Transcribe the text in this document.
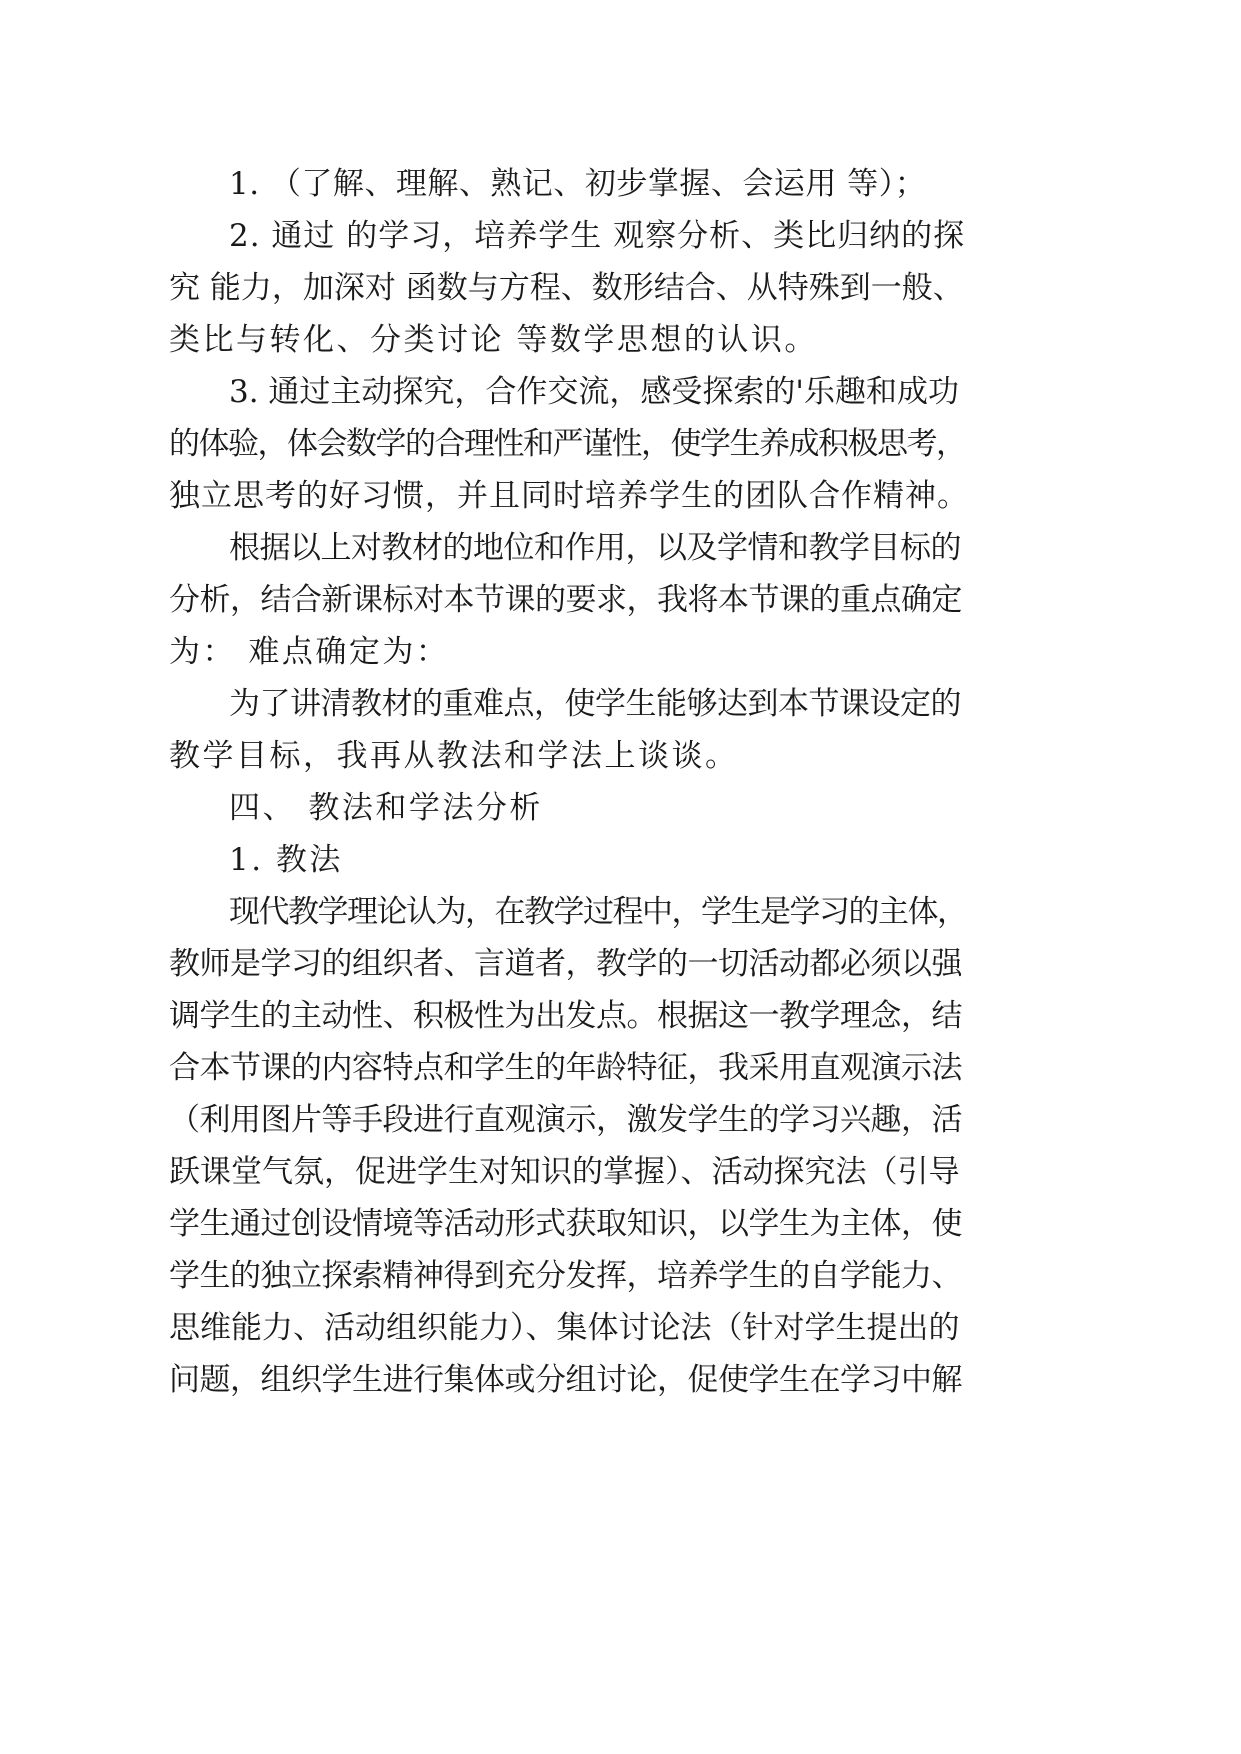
1. （了解、理解、熟记、初步掌握、会运用 等）；
2. 通过 的学习，培养学生 观察分析、类比归纳的探
究 能力，加深对 函数与方程、数形结合、从特殊到一般、
类比与转化、分类讨论 等数学思想的认识。
3. 通过主动探究，合作交流，感受探索的'乐趣和成功
的体验，体会数学的合理性和严谨性，使学生养成积极思考，
独立思考的好习惯，并且同时培养学生的团队合作精神。
根据以上对教材的地位和作用，以及学情和教学目标的
分析，结合新课标对本节课的要求，我将本节课的重点确定
为： 难点确定为：
为了讲清教材的重难点，使学生能够达到本节课设定的
教学目标，我再从教法和学法上谈谈。
四、 教法和学法分析
1. 教法
现代教学理论认为，在教学过程中，学生是学习的主体，
教师是学习的组织者、言道者，教学的一切活动都必须以强
调学生的主动性、积极性为出发点。根据这一教学理念，结
合本节课的内容特点和学生的年龄特征，我采用直观演示法
（利用图片等手段进行直观演示，激发学生的学习兴趣，活
跃课堂气氛，促进学生对知识的掌握）、活动探究法（引导
学生通过创设情境等活动形式获取知识，以学生为主体，使
学生的独立探索精神得到充分发挥，培养学生的自学能力、
思维能力、活动组织能力）、集体讨论法（针对学生提出的
问题，组织学生进行集体或分组讨论，促使学生在学习中解
